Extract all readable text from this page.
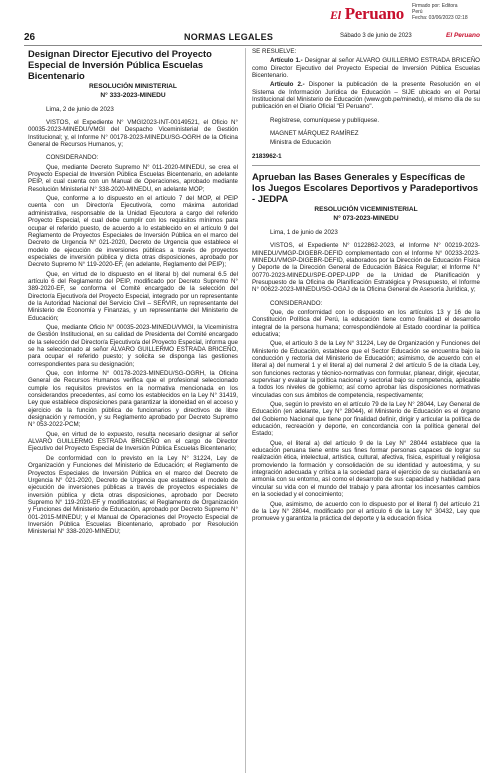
El Peruano Firmado por: Editora
Perú
Fecha: 03/06/2023 02:18
26	NORMAS LEGALES	Sábado 3 de junio de 2023	El Peruano

Designan Director Ejecutivo del Proyecto Especial de Inversión Pública Escuelas Bicentenario

RESOLUCIÓN MINISTERIAL

N° 333-2023-MINEDU

Lima, 2 de junio de 2023

VISTOS, el Expediente N° VMGI2023-INT-00149521, el Oficio N° 00035-2023-MINEDU/VMGI del Despacho Viceministerial de Gestión Institucional; y, el Informe N° 00178-2023-MINEDU/SG-OGRH de la Oficina General de Recursos Humanos, y;

CONSIDERANDO:

Que, mediante Decreto Supremo N° 011-2020-MINEDU, se crea el Proyecto Especial de Inversión Pública Escuelas Bicentenario, en adelante PEIP, el cual cuenta con un Manual de Operaciones, aprobado mediante Resolución Ministerial N° 338-2020-MINEDU, en adelante MOP;

Que, conforme a lo dispuesto en el artículo 7 del MOP, el PEIP cuenta con un Director/a Ejecutivo/a, como máxima autoridad administrativa, responsable de la Unidad Ejecutora a cargo del referido Proyecto Especial, el cual debe cumplir con los requisitos mínimos para ocupar el referido puesto, de acuerdo a lo establecido en el artículo 9 del Reglamento de Proyectos Especiales de Inversión Pública en el marco del Decreto de Urgencia N° 021-2020, Decreto de Urgencia que establece el modelo de ejecución de inversiones públicas a través de proyectos especiales de inversión pública y dicta otras disposiciones, aprobado por Decreto Supremo N° 119-2020-EF, (en adelante, Reglamento del PEIP);

Que, en virtud de lo dispuesto en el literal b) del numeral 6.5 del artículo 6 del Reglamento del PEIP, modificado por Decreto Supremo N° 389-2020-EF, se conforma el Comité encargado de la selección del Director/a Ejecutivo/a del Proyecto Especial, integrado por un representante de la Autoridad Nacional del Servicio Civil – SERVIR, un representante del Ministerio de Economía y Finanzas, y un representante del Ministerio de Educación;

Que, mediante Oficio N° 00035-2023-MINEDU/VMGI, la Viceministra de Gestión Institucional, en su calidad de Presidenta del Comité encargado de la selección del Director/a Ejecutivo/a del Proyecto Especial, informa que se ha seleccionado al señor ALVARO GUILLERMO ESTRADA BRICEÑO, para ocupar el referido puesto; y solicita se disponga las gestiones correspondientes para su designación;

Que, con Informe N° 00178-2023-MINEDU/SG-OGRH, la Oficina General de Recursos Humanos verifica que el profesional seleccionado cumple los requisitos previstos en la normativa mencionada en los considerandos precedentes, así como los establecidos en la Ley N° 31419, Ley que establece disposiciones para garantizar la idoneidad en el acceso y ejercicio de la función pública de funcionarios y directivos de libre designación y remoción, y su Reglamento aprobado por Decreto Supremo N° 053-2022-PCM;

Que, en virtud de lo expuesto, resulta necesario designar al señor ALVARO GUILLERMO ESTRADA BRICEÑO en el cargo de Director Ejecutivo del Proyecto Especial de Inversión Pública Escuelas Bicentenario;

De conformidad con lo previsto en la Ley N° 31224, Ley de Organización y Funciones del Ministerio de Educación; el Reglamento de Proyectos Especiales de Inversión Pública en el marco del Decreto de Urgencia N° 021-2020, Decreto de Urgencia que establece el modelo de ejecución de inversiones públicas a través de proyectos especiales de inversión pública y dicta otras disposiciones, aprobado por Decreto Supremo N° 119-2020-EF y modificatorias; el Reglamento de Organización y Funciones del Ministerio de Educación, aprobado por Decreto Supremo N° 001-2015-MINEDU; y el Manual de Operaciones del Proyecto Especial de Inversión Pública Escuelas Bicentenario, aprobado por Resolución Ministerial N° 338-2020-MINEDU;

SE RESUELVE:

Artículo 1.- Designar al señor ALVARO GUILLERMO ESTRADA BRICEÑO como Director Ejecutivo del Proyecto Especial de Inversión Pública Escuelas Bicentenario.

Artículo 2.- Disponer la publicación de la presente Resolución en el Sistema de Información Jurídica de Educación – SIJE ubicado en el Portal Institucional del Ministerio de Educación (www.gob.pe/minedu), el mismo día de su publicación en el Diario Oficial "El Peruano".

Regístrese, comuníquese y publíquese.

MAGNET MÁRQUEZ RAMÍREZ

Ministra de Educación

2183962-1

Aprueban las Bases Generales y Específicas de los Juegos Escolares Deportivos y Paradeportivos - JEDPA

RESOLUCIÓN VICEMINISTERIAL

N° 073-2023-MINEDU

Lima, 1 de junio de 2023

VISTOS, el Expediente N° 0122862-2023, el Informe N° 00219-2023-MINEDU/VMGP-DIGEBR-DEFID complementado con el Informe N° 00233-2023-MINEDU/VMGP-DIGEBR-DEFID, elaborados por la Dirección de Educación Física y Deporte de la Dirección General de Educación Básica Regular; el Informe N° 00770-2023-MINEDU/SPE-OPEP-UPP de la Unidad de Planificación y Presupuesto de la Oficina de Planificación Estratégica y Presupuesto, el Informe N° 00622-2023-MINEDU/SG-OGAJ de la Oficina General de Asesoría Jurídica, y;

CONSIDERANDO:

Que, de conformidad con lo dispuesto en los artículos 13 y 16 de la Constitución Política del Perú, la educación tiene como finalidad el desarrollo integral de la persona humana; correspondiéndole al Estado coordinar la política educativa;

Que, el artículo 3 de la Ley N° 31224, Ley de Organización y Funciones del Ministerio de Educación, establece que el Sector Educación se encuentra bajo la conducción y rectoría del Ministerio de Educación; asimismo, de acuerdo con el literal a) del numeral 1 y el literal a) del numeral 2 del artículo 5 de la citada Ley, son funciones rectoras y técnico-normativas con formular, planear, dirigir, ejecutar, supervisar y evaluar la política nacional y sectorial bajo su competencia, aplicable a todos los niveles de gobierno; así como aprobar las disposiciones normativas vinculadas con sus ámbitos de competencia, respectivamente;

Que, según lo previsto en el artículo 79 de la Ley N° 28044, Ley General de Educación (en adelante, Ley N° 28044), el Ministerio de Educación es el órgano del Gobierno Nacional que tiene por finalidad definir, dirigir y articular la política de educación, recreación y deporte, en concordancia con la política general del Estado;

Que, el literal a) del artículo 9 de la Ley N° 28044 establece que la educación peruana tiene entre sus fines formar personas capaces de lograr su realización ética, intelectual, artística, cultural, afectiva, física, espiritual y religiosa promoviendo la formación y consolidación de su identidad y autoestima, y su integración adecuada y crítica a la sociedad para el ejercicio de su ciudadanía en armonía con su entorno, así como el desarrollo de sus capacidad y habilidad para vincular su vida con el mundo del trabajo y para afrontar los incesantes cambios en la sociedad y el conocimiento;

Que, asimismo, de acuerdo con lo dispuesto por el literal f) del artículo 21 de la Ley N° 28044, modificado por el artículo 6 de la Ley N° 30432, Ley que promueve y garantiza la práctica del deporte y la educación física
